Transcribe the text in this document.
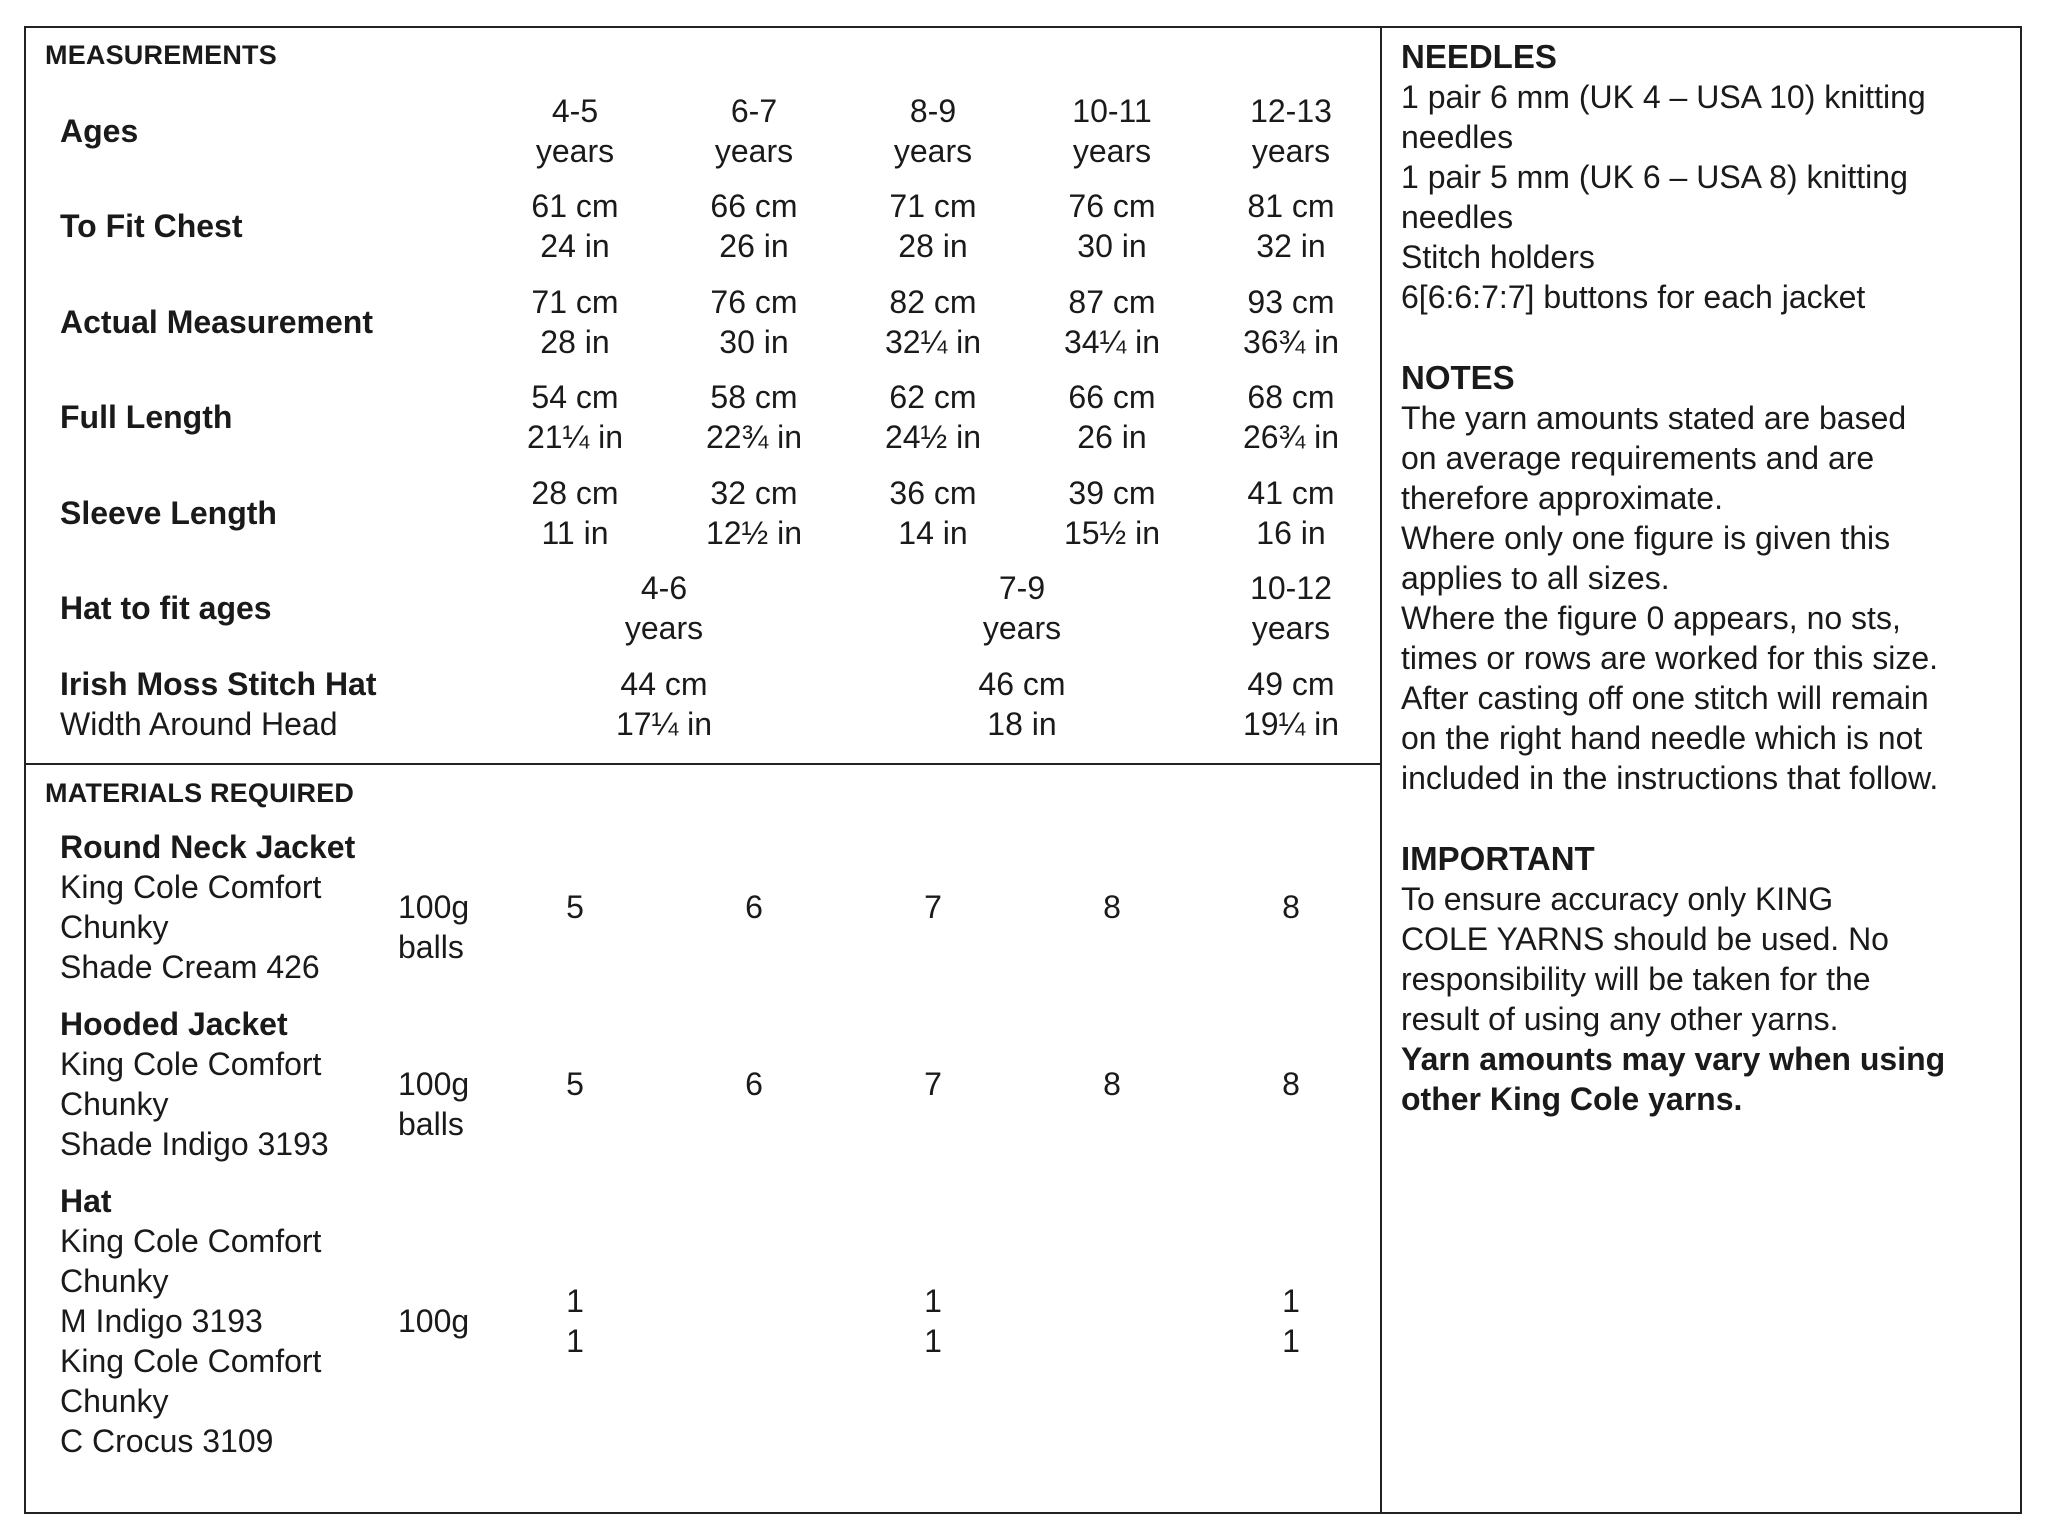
MEASUREMENTS
Ages
To Fit Chest
Actual Measurement
Full Length
Sleeve Length
Hat to fit ages
Irish Moss Stitch Hat
Width Around Head
4-5
years
6-7
years
8-9
years
10-11
years
12-13
years
61 cm
24 in
66 cm
26 in
71 cm
28 in
76 cm
30 in
81 cm
32 in
71 cm
28 in
76 cm
30 in
82 cm
32¼ in
87 cm
34¼ in
93 cm
36¾ in
54 cm
21¼ in
58 cm
22¾ in
62 cm
24½ in
66 cm
26 in
68 cm
26¾ in
28 cm
11 in
32 cm
12½ in
36 cm
14 in
39 cm
15½ in
41 cm
16 in
4-6
years
44 cm
17¼ in
7-9
years
46 cm
18 in
10-12
years
49 cm
19¼ in
5
5
6
6
7
7
8
8
8
8
1
1
1
1
1
1
MATERIALS REQUIRED
Round Neck Jacket
King Cole Comfort
Chunky
Shade Cream 426
100g
balls
Hooded Jacket
King Cole Comfort
Chunky
Shade Indigo 3193
100g
balls
Hat
King Cole Comfort
Chunky
M Indigo 3193
King Cole Comfort
Chunky
C Crocus 3109
100g
NEEDLES
1 pair 6 mm (UK 4 – USA 10) knitting
needles
1 pair 5 mm (UK 6 – USA 8) knitting
needles
Stitch holders
6[6:6:7:7] buttons for each jacket
NOTES
The yarn amounts stated are based
on average requirements and are
therefore approximate.
Where only one figure is given this
applies to all sizes.
Where the figure 0 appears, no sts,
times or rows are worked for this size.
After casting off one stitch will remain
on the right hand needle which is not
included in the instructions that follow.
IMPORTANT
To ensure accuracy only KING
COLE YARNS should be used. No
responsibility will be taken for the
result of using any other yarns.
Yarn amounts may vary when using
other King Cole yarns.
